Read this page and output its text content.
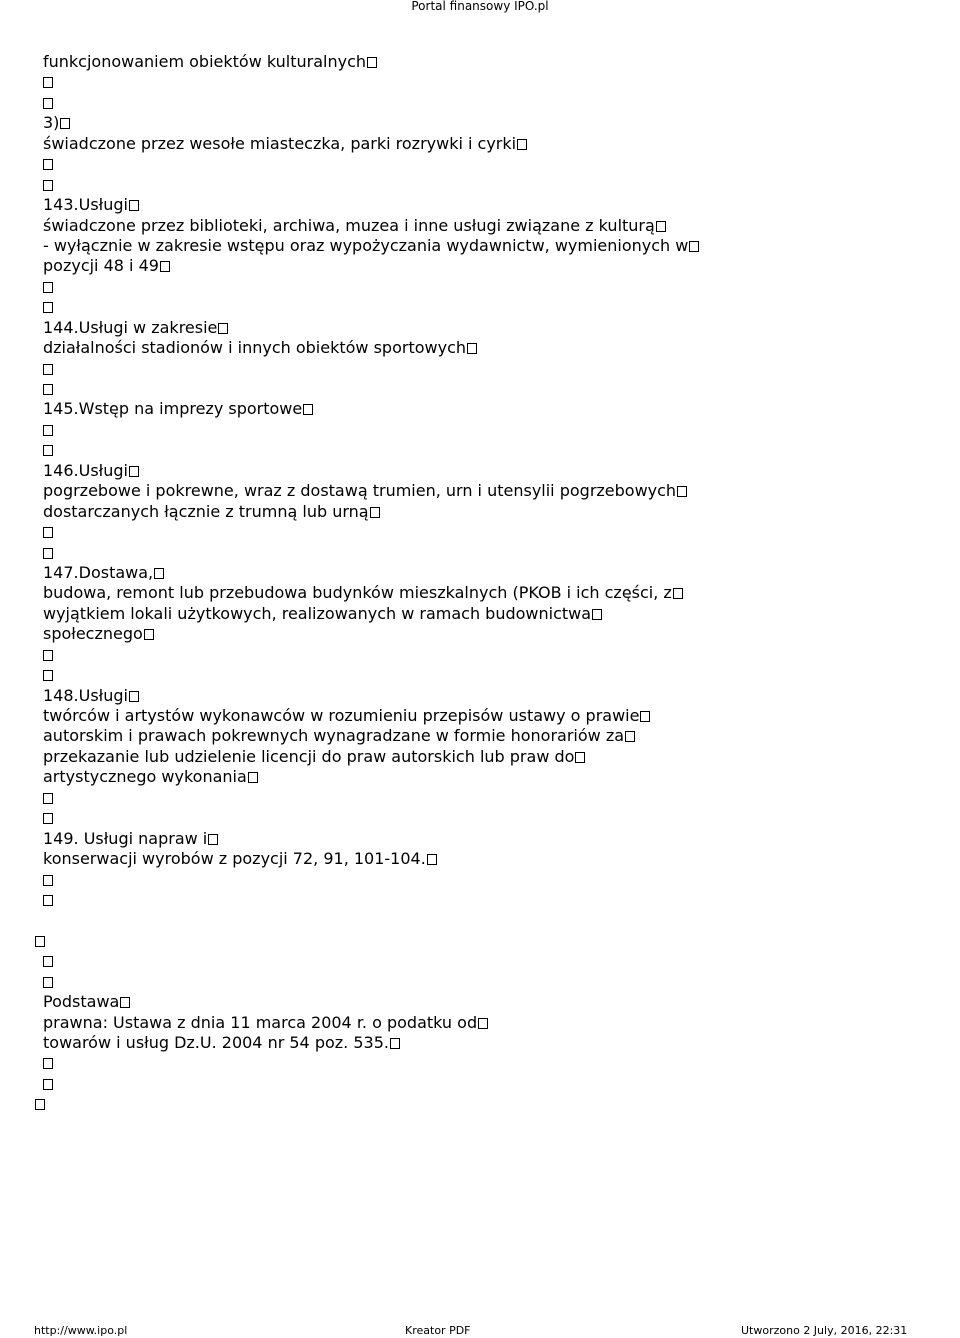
Portal finansowy IPO.pl
funkcjonowaniem obiektów kulturalnych
3)
świadczone przez wesołe miasteczka, parki rozrywki i cyrki
143.Usługi
świadczone przez biblioteki, archiwa, muzea i inne usługi związane z kulturą
- wyłącznie w zakresie wstępu oraz wypożyczania wydawnictw, wymienionych w
pozycji 48 i 49
144.Usługi w zakresie
działalności stadionów i innych obiektów sportowych
145.Wstęp na imprezy sportowe
146.Usługi
pogrzebowe i pokrewne, wraz z dostawą trumien, urn i utensylii pogrzebowych
dostarczanych łącznie z trumną lub urną
147.Dostawa,
budowa, remont lub przebudowa budynków mieszkalnych (PKOB i ich części, z
wyjątkiem lokali użytkowych, realizowanych w ramach budownictwa
społecznego
148.Usługi
twórców i artystów wykonawców w rozumieniu przepisów ustawy o prawie
autorskim i prawach pokrewnych wynagradzane w formie honorariów za
przekazanie lub udzielenie licencji do praw autorskich lub praw do
artystycznego wykonania
149. Usługi napraw i
konserwacji wyrobów z pozycji 72, 91, 101-104.
Podstawa
prawna: Ustawa z dnia 11 marca 2004 r. o podatku od
towarów i usług Dz.U. 2004 nr 54 poz. 535.
http://www.ipo.pl	Kreator PDF	Utworzono 2 July, 2016, 22:31
